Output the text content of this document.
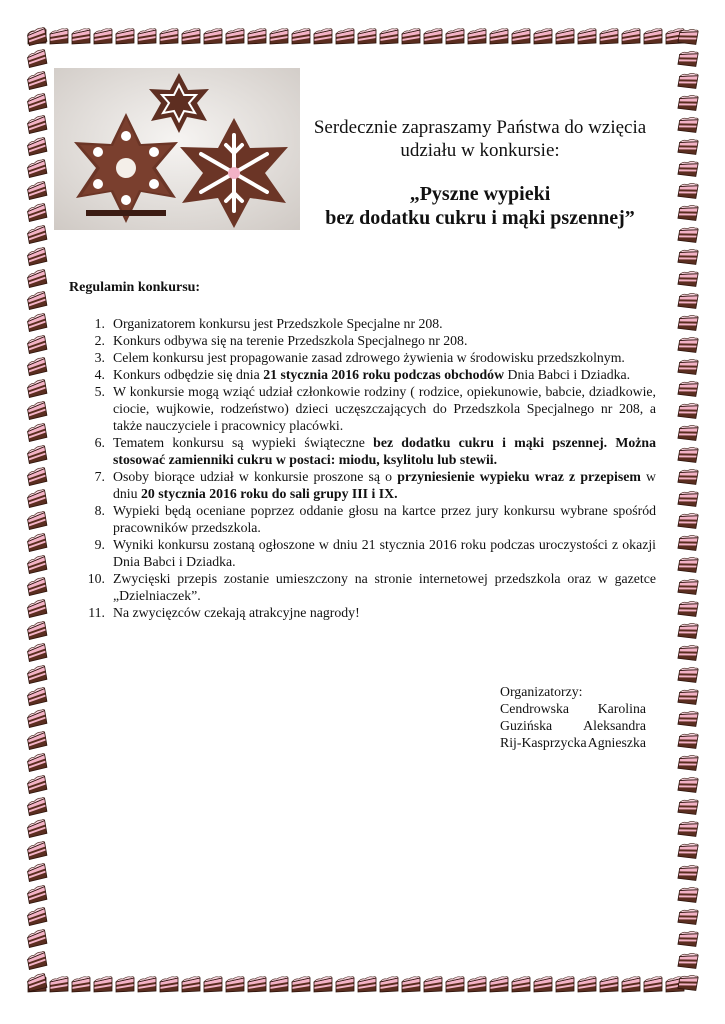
Serdecznie zapraszamy Państwa do wzięcia
udziału w konkursie:
„Pyszne wypieki
bez dodatku cukru i mąki pszennej”
Regulamin konkursu:
1. Organizatorem konkursu jest Przedszkole Specjalne nr 208.
2. Konkurs odbywa się na terenie Przedszkola Specjalnego nr 208.
3. Celem konkursu jest propagowanie zasad zdrowego żywienia w środowisku przedszkolnym.
4. Konkurs odbędzie się dnia 21 stycznia 2016 roku podczas obchodów Dnia Babci i Dziadka.
5. W konkursie mogą wziąć udział członkowie rodziny ( rodzice, opiekunowie, babcie, dziadkowie, ciocie, wujkowie, rodzeństwo) dzieci uczęszczających do Przedszkola Specjalnego nr 208, a także nauczyciele i pracownicy placówki.
6. Tematem konkursu są wypieki świąteczne bez dodatku cukru i mąki pszennej. Można stosować zamienniki cukru w postaci: miodu, ksylitolu lub stewii.
7. Osoby biorące udział w konkursie proszone są o przyniesienie wypieku wraz z przepisem w dniu 20 stycznia 2016 roku do sali grupy III i IX.
8. Wypieki będą oceniane poprzez oddanie głosu na kartce przez jury konkursu wybrane spośród pracowników przedszkola.
9. Wyniki konkursu zostaną ogłoszone w dniu 21 stycznia 2016 roku podczas uroczystości z okazji Dnia Babci i Dziadka.
10. Zwycięski przepis zostanie umieszczony na stronie internetowej przedszkola oraz w gazetce „Dzielniaczek”.
11. Na zwycięzców czekają atrakcyjne nagrody!
Organizatorzy:
Cendrowska Karolina
Guzińska Aleksandra
Rij-Kasprzycka Agnieszka
